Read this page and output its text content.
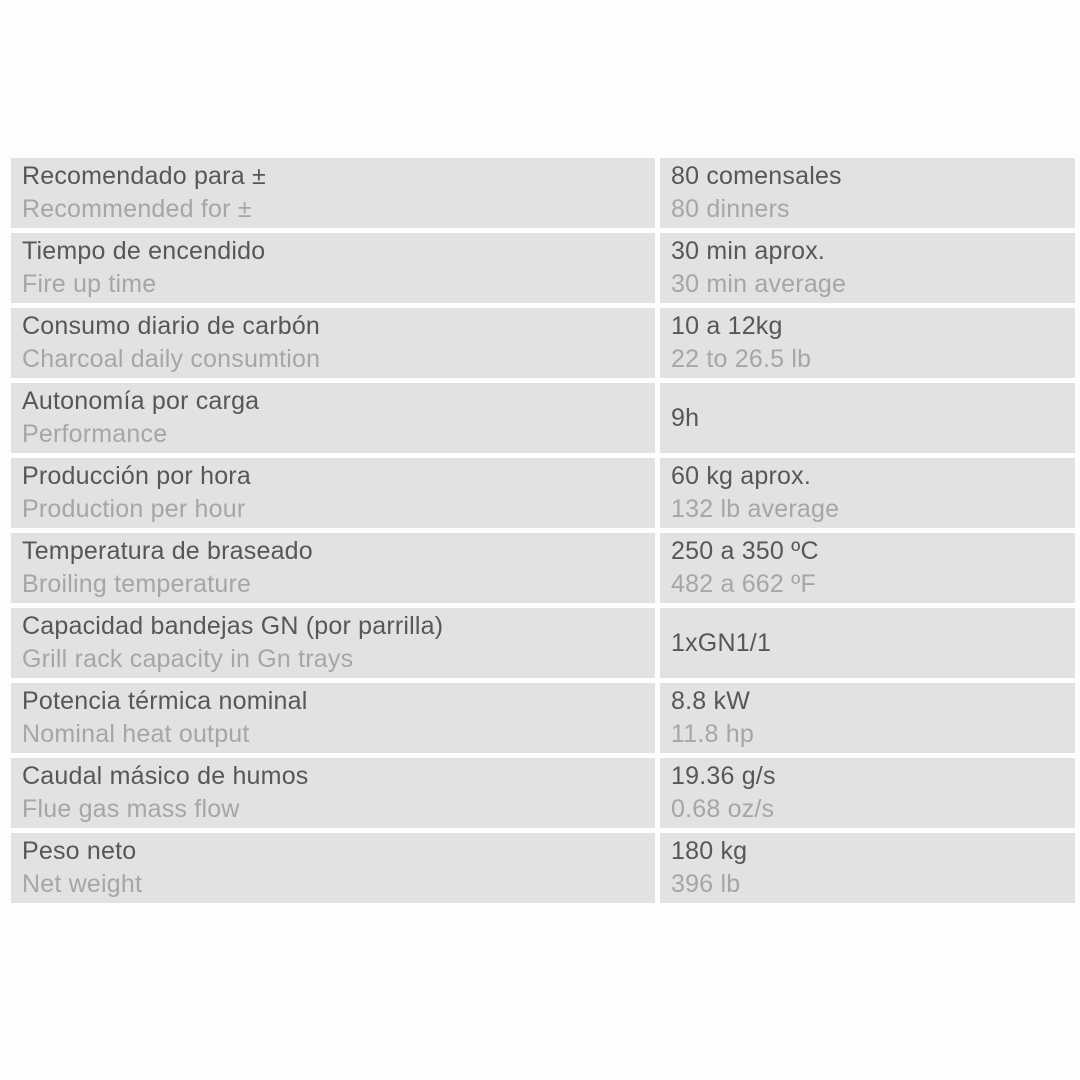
Recomendado para ±
Recommended for ±
80 comensales
80 dinners
Tiempo de encendido
Fire up time
30 min aprox.
30 min average
Consumo diario de carbón
Charcoal daily consumtion
10 a 12kg
22 to 26.5 lb
Autonomía por carga
Performance
9h
Producción por hora
Production per hour
60 kg aprox.
132 lb average
Temperatura de braseado
Broiling temperature
250 a 350 ºC
482 a 662 ºF
Capacidad bandejas GN (por parrilla)
Grill rack capacity in Gn trays
1xGN1/1
Potencia térmica nominal
Nominal heat output
8.8 kW
11.8 hp
Caudal másico de humos
Flue gas mass flow
19.36 g/s
0.68 oz/s
Peso neto
Net weight
180 kg
396 lb
